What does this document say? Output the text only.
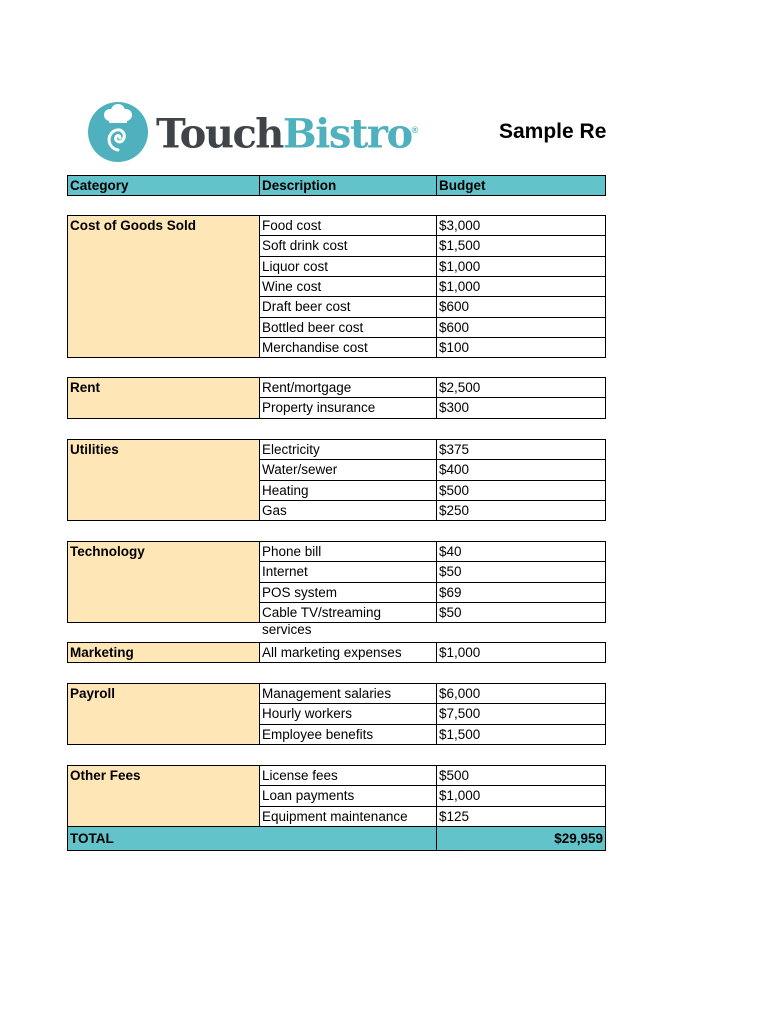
TouchBistro®	Sample Re
Category	Description	Budget
Cost of Goods Sold	Food cost	$3,000
Soft drink cost	$1,500
Liquor cost	$1,000
Wine cost	$1,000
Draft beer cost	$600
Bottled beer cost	$600
Merchandise cost	$100
Rent	Rent/mortgage	$2,500
Property insurance	$300
Utilities	Electricity	$375
Water/sewer	$400
Heating	$500
Gas	$250
Technology	Phone bill	$40
Internet	$50
POS system	$69
Cable TV/streaming	$50
services
Marketing	All marketing expenses	$1,000
Payroll	Management salaries	$6,000
Hourly workers	$7,500
Employee benefits	$1,500
Other Fees	License fees	$500
Loan payments	$1,000
Equipment maintenance	$125
TOTAL	$29,959
